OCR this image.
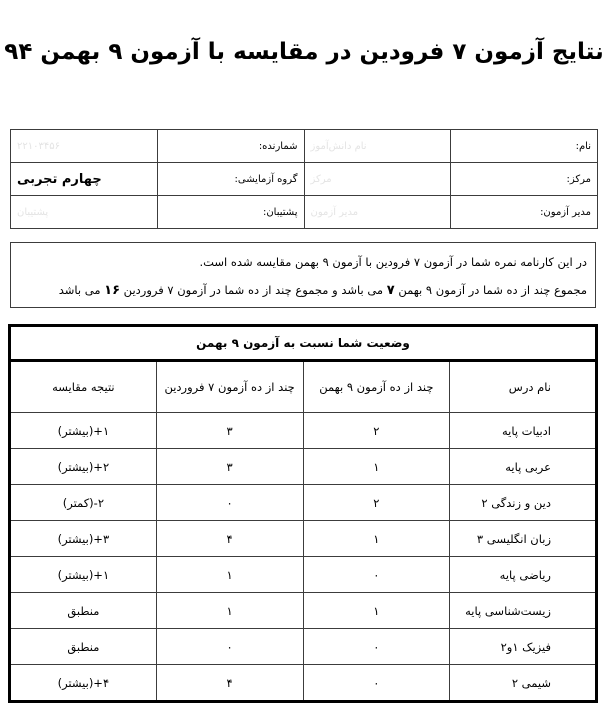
نتایج آزمون ۷ فرودین در مقایسه با آزمون ۹ بهمن ۹۴
نام:	نام دانش‌آموز	شمارنده:	۲۲۱۰۳۴۵۶
مرکز:	مرکز	گروه آزمایشی:	چهارم تجربی
مدیر آزمون:	مدیر آزمون	پشتیبان:	پشتیبان
در این کارنامه نمره شما در آزمون ۷ فرودین با آزمون ۹ بهمن مقایسه شده است.
مجموع چند از ده شما در آزمون ۹ بهمن ۷ می باشد و مجموع چند از ده شما در آزمون ۷ فروردین ۱۶ می باشد
وضعیت شما نسبت به آزمون ۹ بهمن			
نام درس	چند از ده آزمون ۹ بهمن	چند از ده آزمون ۷ فروردین	نتیجه مقایسه
ادبیات پایه	۲	۳	۱+(بیشتر)
عربی پایه	۱	۳	۲+(بیشتر)
دین و زندگی ۲	۲	۰	۲-(کمتر)
زبان انگلیسی ۳	۱	۴	۳+(بیشتر)
ریاضی پایه	۰	۱	۱+(بیشتر)
زیست‌شناسی پایه	۱	۱	منطبق
فیزیک ۱و۲	۰	۰	منطبق
شیمی ۲	۰	۴	۴+(بیشتر)
